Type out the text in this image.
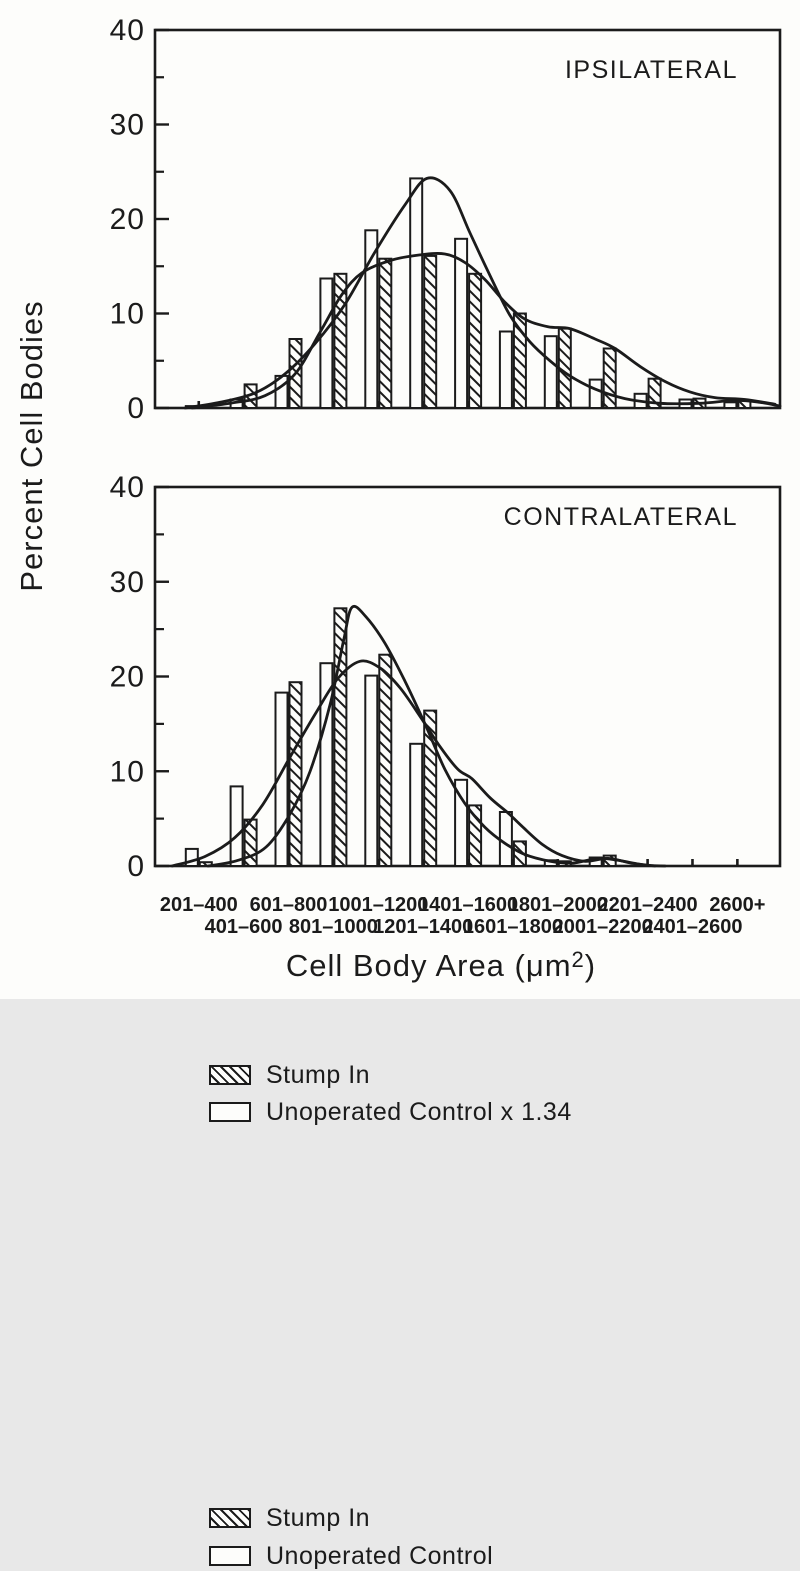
0
10
20
30
40
0
10
20
30
40
201–400
401–600
601–800
801–1000
1001–1200
1201–1400
1401–1600
1601–1800
1801–2000
2001–2200
2201–2400
2401–2600
2600+
Percent Cell Bodies
Cell Body Area $(\mu m^2)$
IPSILATERAL
CONTRALATERAL
Stump In
Unoperated Control x 1.34
Stump In
Unoperated Control
